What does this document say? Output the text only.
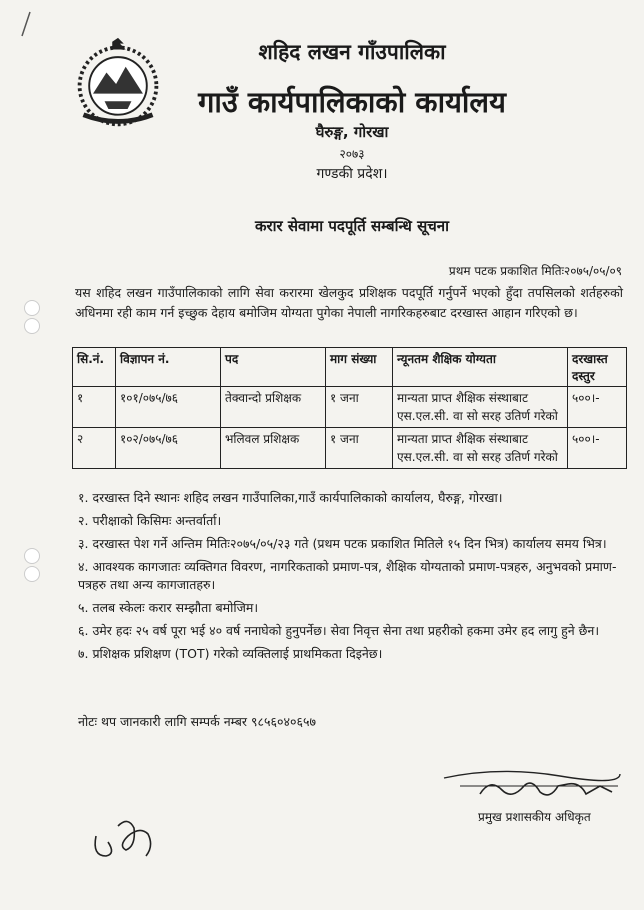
शहिद लखन गाँउपालिका
गाउँ कार्यपालिकाको कार्यालय
घैरुङ्ग, गोरखा
२०७३
गण्डकी प्रदेश।
करार सेवामा पदपूर्ति सम्बन्धि सूचना
प्रथम पटक प्रकाशित मितिः२०७५/०५/०९
यस शहिद लखन गाउँपालिकाको लागि सेवा करारमा खेलकुद प्रशिक्षक पदपूर्ति गर्नुपर्ने भएको हुँदा तपसिलको शर्तहरुको अधिनमा रही काम गर्न इच्छुक देहाय बमोजिम योग्यता पुगेका नेपाली नागरिकहरुबाट दरखास्त आहान गरिएको छ।
सि.नं.	विज्ञापन नं.	पद	माग संख्या	न्यूनतम शैक्षिक योग्यता	दरखास्त दस्तुर
१	१०१/०७५/७६	तेक्वान्दो प्रशिक्षक	१ जना	मान्यता प्राप्त शैक्षिक संस्थाबाट एस.एल.सी. वा सो सरह उतिर्ण गरेको	५००।-
२	१०२/०७५/७६	भलिवल प्रशिक्षक	१ जना	मान्यता प्राप्त शैक्षिक संस्थाबाट एस.एल.सी. वा सो सरह उतिर्ण गरेको	५००।-
१. दरखास्त दिने स्थानः शहिद लखन गाउँपालिका,गाउँ कार्यपालिकाको कार्यालय, घैरुङ्ग, गोरखा।
२. परीक्षाको किसिमः अन्तर्वार्ता।
३. दरखास्त पेश गर्ने अन्तिम मितिः२०७५/०५/२३ गते (प्रथम पटक प्रकाशित मितिले १५ दिन भित्र) कार्यालय समय भित्र।
४. आवश्यक कागजातः व्यक्तिगत विवरण, नागरिकताको प्रमाण-पत्र, शैक्षिक योग्यताको प्रमाण-पत्रहरु, अनुभवको प्रमाण-पत्रहरु तथा अन्य कागजातहरु।
५. तलब स्केलः करार सम्झौता बमोजिम।
६. उमेर हदः २५ वर्ष पूरा भई ४० वर्ष ननाघेको हुनुपर्नेछ। सेवा निवृत्त सेना तथा प्रहरीको हकमा उमेर हद लागु हुने छैन।
७. प्रशिक्षक प्रशिक्षण (TOT) गरेको व्यक्तिलाई प्राथमिकता दिइनेछ।
नोटः थप जानकारी लागि सम्पर्क नम्बर ९८५६०४०६५७
प्रमुख प्रशासकीय अधिकृत
